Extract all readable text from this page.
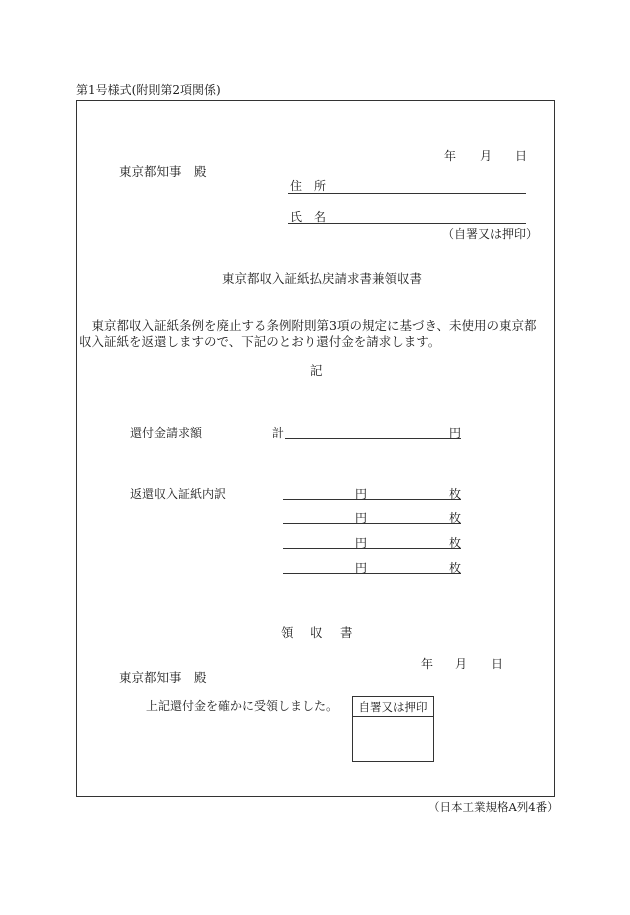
第1号様式(附則第2項関係)
年 月 日
東京都知事　殿
住　所
氏　名
（自署又は押印）
東京都収入証紙払戻請求書兼領収書

東京都収入証紙条例を廃止する条例附則第3項の規定に基づき、未使用の東京都収入証紙を返還しますので、下記のとおり還付金を請求します。

記
還付金請求額	計	円
返還収入証紙内訳	円	枚
円	枚
円	枚
円	枚
領 収 書
年 月 日
東京都知事　殿
上記還付金を確かに受領しました。	自署又は押印
（日本工業規格A列4番）
